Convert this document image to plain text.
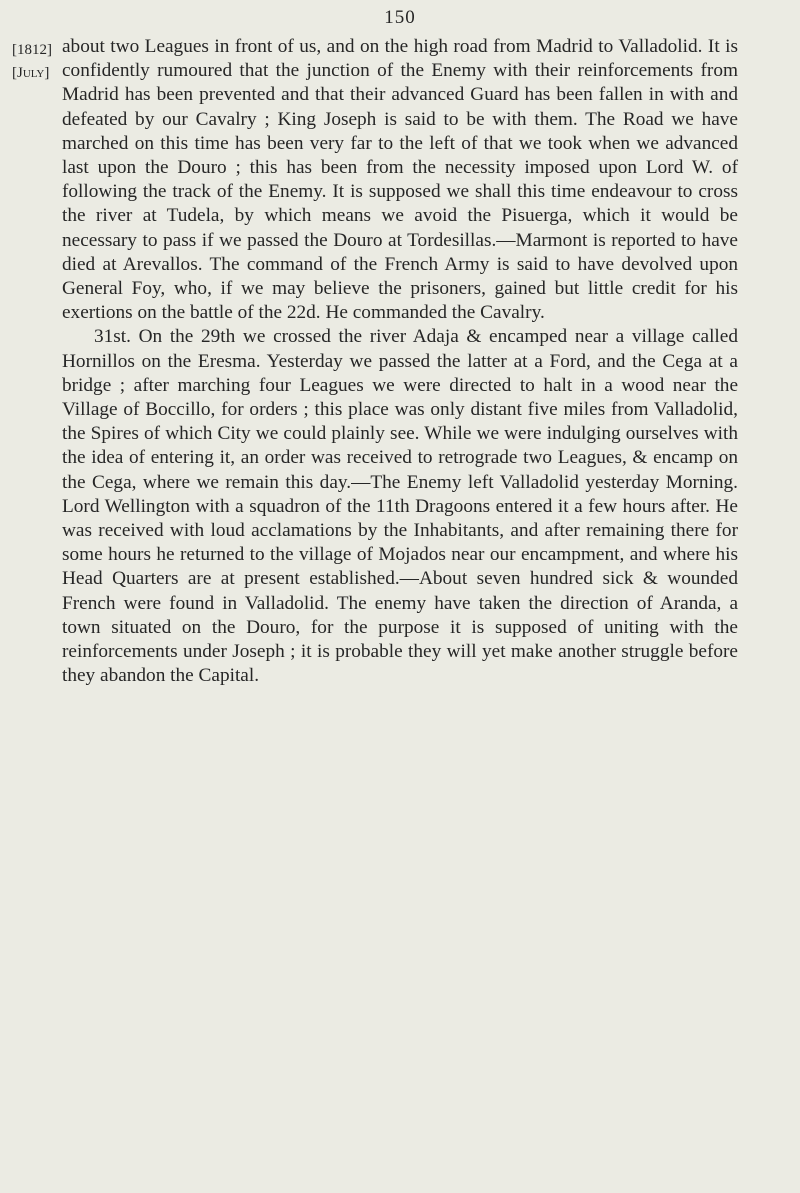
150
[1812]
[July]

about two Leagues in front of us, and on the high road from Madrid to Valladolid. It is confidently rumoured that the junction of the Enemy with their reinforcements from Madrid has been prevented and that their advanced Guard has been fallen in with and defeated by our Cavalry ; King Joseph is said to be with them. The Road we have marched on this time has been very far to the left of that we took when we advanced last upon the Douro ; this has been from the necessity imposed upon Lord W. of following the track of the Enemy. It is supposed we shall this time endeavour to cross the river at Tudela, by which means we avoid the Pisuerga, which it would be necessary to pass if we passed the Douro at Tordesillas.—Marmont is reported to have died at Arevallos. The command of the French Army is said to have devolved upon General Foy, who, if we may believe the prisoners, gained but little credit for his exertions on the battle of the 22d. He commanded the Cavalry.

31st. On the 29th we crossed the river Adaja & encamped near a village called Hornillos on the Eresma. Yesterday we passed the latter at a Ford, and the Cega at a bridge ; after marching four Leagues we were directed to halt in a wood near the Village of Boccillo, for orders ; this place was only distant five miles from Valladolid, the Spires of which City we could plainly see. While we were indulging ourselves with the idea of entering it, an order was received to retrograde two Leagues, & encamp on the Cega, where we remain this day.—The Enemy left Valladolid yesterday Morning. Lord Wellington with a squadron of the 11th Dragoons entered it a few hours after. He was received with loud acclamations by the Inhabitants, and after remaining there for some hours he returned to the village of Mojados near our encampment, and where his Head Quarters are at present established.—About seven hundred sick & wounded French were found in Valladolid. The enemy have taken the direction of Aranda, a town situated on the Douro, for the purpose it is supposed of uniting with the reinforcements under Joseph ; it is probable they will yet make another struggle before they abandon the Capital.
